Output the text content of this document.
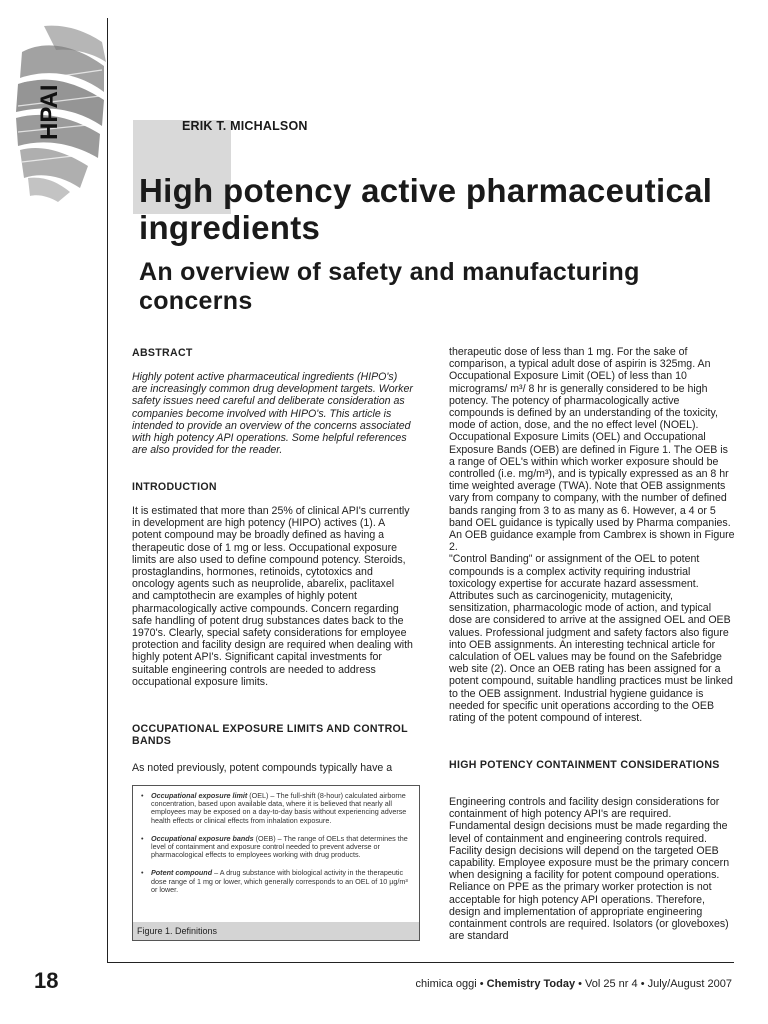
HPAI	ERIK T. MICHALSON
High potency active pharmaceutical ingredients
An overview of safety and manufacturing concerns
ABSTRACT

Highly potent active pharmaceutical ingredients (HIPO's) are increasingly common drug development targets. Worker safety issues need careful and deliberate consideration as companies become involved with HIPO's. This article is intended to provide an overview of the concerns associated with high potency API operations. Some helpful references are also provided for the reader.

INTRODUCTION

It is estimated that more than 25% of clinical API's currently in development are high potency (HIPO) actives (1). A potent compound may be broadly defined as having a therapeutic dose of 1 mg or less. Occupational exposure limits are also used to define compound potency. Steroids, prostaglandins, hormones, retinoids, cytotoxics and oncology agents such as neuprolide, abarelix, paclitaxel and camptothecin are examples of highly potent pharmacologically active compounds. Concern regarding safe handling of potent drug substances dates back to the 1970's. Clearly, special safety considerations for employee protection and facility design are required when dealing with highly potent API's. Significant capital investments for suitable engineering controls are needed to address occupational exposure limits.

OCCUPATIONAL EXPOSURE LIMITS AND CONTROL BANDS

As noted previously, potent compounds typically have a

•	Occupational exposure limit (OEL) – The full-shift (8-hour) calculated airborne concentration, based upon available data, where it is believed that nearly all employees may be exposed on a day-to-day basis without experiencing adverse health effects or clinical effects from inhalation exposure.
•	Occupational exposure bands (OEB) – The range of OELs that determines the level of containment and exposure control needed to prevent adverse or pharmacological effects to employees working with drug products.
•	Potent compound – A drug substance with biological activity in the therapeutic dose range of 1 mg or lower, which generally corresponds to an OEL of 10 µg/m³ or lower.
Figure 1. Definitions

therapeutic dose of less than 1 mg. For the sake of comparison, a typical adult dose of aspirin is 325mg. An Occupational Exposure Limit (OEL) of less than 10 micrograms/ m³/ 8 hr is generally considered to be high potency. The potency of pharmacologically active compounds is defined by an understanding of the toxicity, mode of action, dose, and the no effect level (NOEL). Occupational Exposure Limits (OEL) and Occupational Exposure Bands (OEB) are defined in Figure 1. The OEB is a range of OEL's within which worker exposure should be controlled (i.e. mg/m³), and is typically expressed as an 8 hr time weighted average (TWA). Note that OEB assignments vary from company to company, with the number of defined bands ranging from 3 to as many as 6. However, a 4 or 5 band OEL guidance is typically used by Pharma companies. An OEB guidance example from Cambrex is shown in Figure 2.

"Control Banding" or assignment of the OEL to potent compounds is a complex activity requiring industrial toxicology expertise for accurate hazard assessment. Attributes such as carcinogenicity, mutagenicity, sensitization, pharmacologic mode of action, and typical dose are considered to arrive at the assigned OEL and OEB values. Professional judgment and safety factors also figure into OEB assignments. An interesting technical article for calculation of OEL values may be found on the Safebridge web site (2). Once an OEB rating has been assigned for a potent compound, suitable handling practices must be linked to the OEB assignment. Industrial hygiene guidance is needed for specific unit operations according to the OEB rating of the potent compound of interest.

HIGH POTENCY CONTAINMENT CONSIDERATIONS

Engineering controls and facility design considerations for containment of high potency API's are required. Fundamental design decisions must be made regarding the level of containment and engineering controls required. Facility design decisions will depend on the targeted OEB capability. Employee exposure must be the primary concern when designing a facility for potent compound operations. Reliance on PPE as the primary worker protection is not acceptable for high potency API operations. Therefore, design and implementation of appropriate engineering containment controls are required. Isolators (or gloveboxes) are standard

18	chimica oggi • Chemistry Today • Vol 25 nr 4 • July/August 2007
